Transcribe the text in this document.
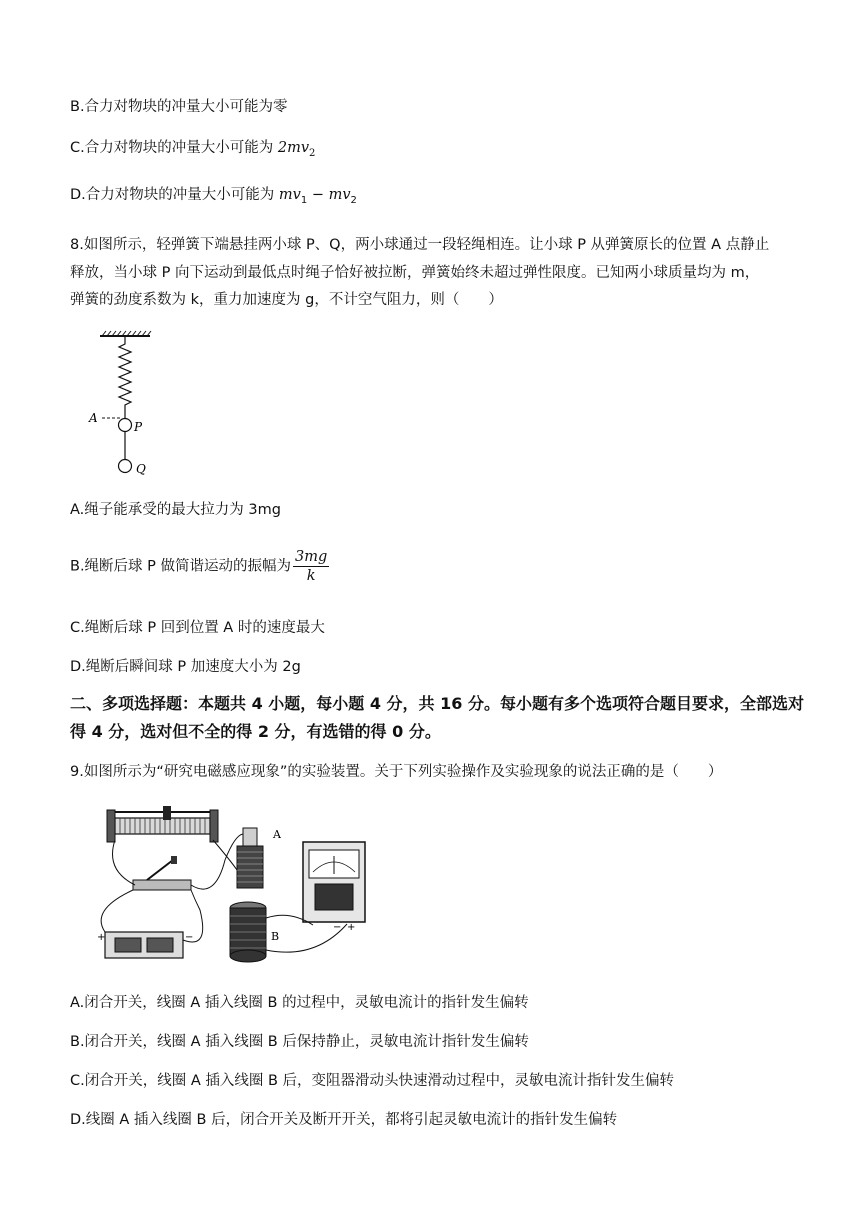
B.合力对物块的冲量大小可能为零
C.合力对物块的冲量大小可能为 $2mv_2$
D.合力对物块的冲量大小可能为 $mv_1 - mv_2$
8.如图所示，轻弹簧下端悬挂两小球 P、Q，两小球通过一段轻绳相连。让小球 P 从弹簧原长的位置 A 点静止
释放，当小球 P 向下运动到最低点时绳子恰好被拉断，弹簧始终未超过弹性限度。已知两小球质量均为 m，
弹簧的劲度系数为 k，重力加速度为 g，不计空气阻力，则（　　）
A
P
Q
A.绳子能承受的最大拉力为 3mg
B.绳断后球 P 做简谐运动的振幅为 $\frac{3mg}{k}$
C.绳断后球 P 回到位置 A 时的速度最大
D.绳断后瞬间球 P 加速度大小为 2g
二、多项选择题：本题共 4 小题，每小题 4 分，共 16 分。每小题有多个选项符合题目要求，全部选对得 4 分，选对但不全的得 2 分，有选错的得 0 分。
9.如图所示为“研究电磁感应现象”的实验装置。关于下列实验操作及实验现象的说法正确的是（　　）
A
− +
B
+	−
A.闭合开关，线圈 A 插入线圈 B 的过程中，灵敏电流计的指针发生偏转
B.闭合开关，线圈 A 插入线圈 B 后保持静止，灵敏电流计指针发生偏转
C.闭合开关，线圈 A 插入线圈 B 后，变阻器滑动头快速滑动过程中，灵敏电流计指针发生偏转
D.线圈 A 插入线圈 B 后，闭合开关及断开开关，都将引起灵敏电流计的指针发生偏转
